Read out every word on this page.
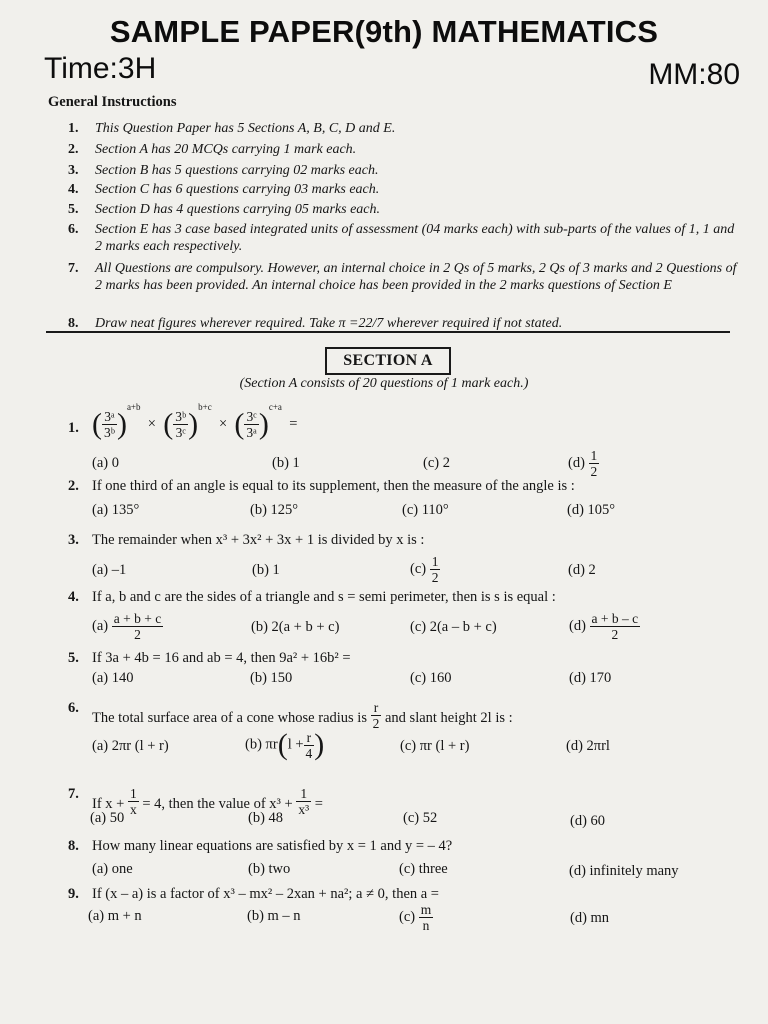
SAMPLE PAPER(9th) MATHEMATICS
Time:3H	MM:80
General Instructions
1. This Question Paper has 5 Sections A, B, C, D and E.
2. Section A has 20 MCQs carrying 1 mark each.
3. Section B has 5 questions carrying 02 marks each.
4. Section C has 6 questions carrying 03 marks each.
5. Section D has 4 questions carrying 05 marks each.
6. Section E has 3 case based integrated units of assessment (04 marks each) with sub-parts of the values of 1, 1 and 2 marks each respectively.
7. All Questions are compulsory. However, an internal choice in 2 Qs of 5 marks, 2 Qs of 3 marks and 2 Questions of 2 marks has been provided. An internal choice has been provided in the 2 marks questions of Section E
8. Draw neat figures wherever required. Take π =22/7 wherever required if not stated.
SECTION A
(Section A consists of 20 questions of 1 mark each.)
1. ( $\frac{\text{3ᵃ}}{\text{3ᵇ}} )^{a+b}$  × ( $\frac{\text{3ᵇ}}{\text{3ᶜ}} )^{b+c}$  × ( $\frac{\text{3ᶜ}}{\text{3ᵃ}} )^{c+a}$  =
(a) 0	(b) 1	(c) 2	$(d) \frac{1}{2}$
2. If one third of an angle is equal to its supplement, then the measure of the angle is :
(a) 135°	(b) 125°	(c) 110°	(d) 105°
3. The remainder when x³ + 3x² + 3x + 1 is divided by x is :
(a) –1	(b) 1	$(c) \frac{1}{2}$	(d) 2
4. If a, b and c are the sides of a triangle and s = semi perimeter, then is s is equal :
$(a) \frac{a + b + c}{2}$	(b) 2(a + b + c)	(c) 2(a – b + c)	$(d) \frac{a + b - c}{2}$
5. If 3a + 4b = 16 and ab = 4, then 9a² + 16b² =
(a) 140	(b) 150	(c) 160	(d) 170
6.
The total surface area of a cone whose radius is $\frac{r}{2}$ and slant height 2l is :
(a) 2πr (l + r)	(b) $\pi r(l + \frac{r}{4}$ )	(c) πr (l + r)	(d) 2πrl
7.
If $x + \frac{1}{x} = 4$, then the value of $x^3 + \frac{1}{\text{x³}}$ =
(a) 50	(b) 48	(c) 52	(d) 60
8. How many linear equations are satisfied by x = 1 and y = – 4?
(a) one	(b) two	(c) three	(d) infinitely many
9. If (x – a) is a factor of x³ – mx² – 2xan + na²; a ≠ 0, then a =
(a) m + n	(b) m – n	$(c) \frac{m}{n}$	(d) mn
